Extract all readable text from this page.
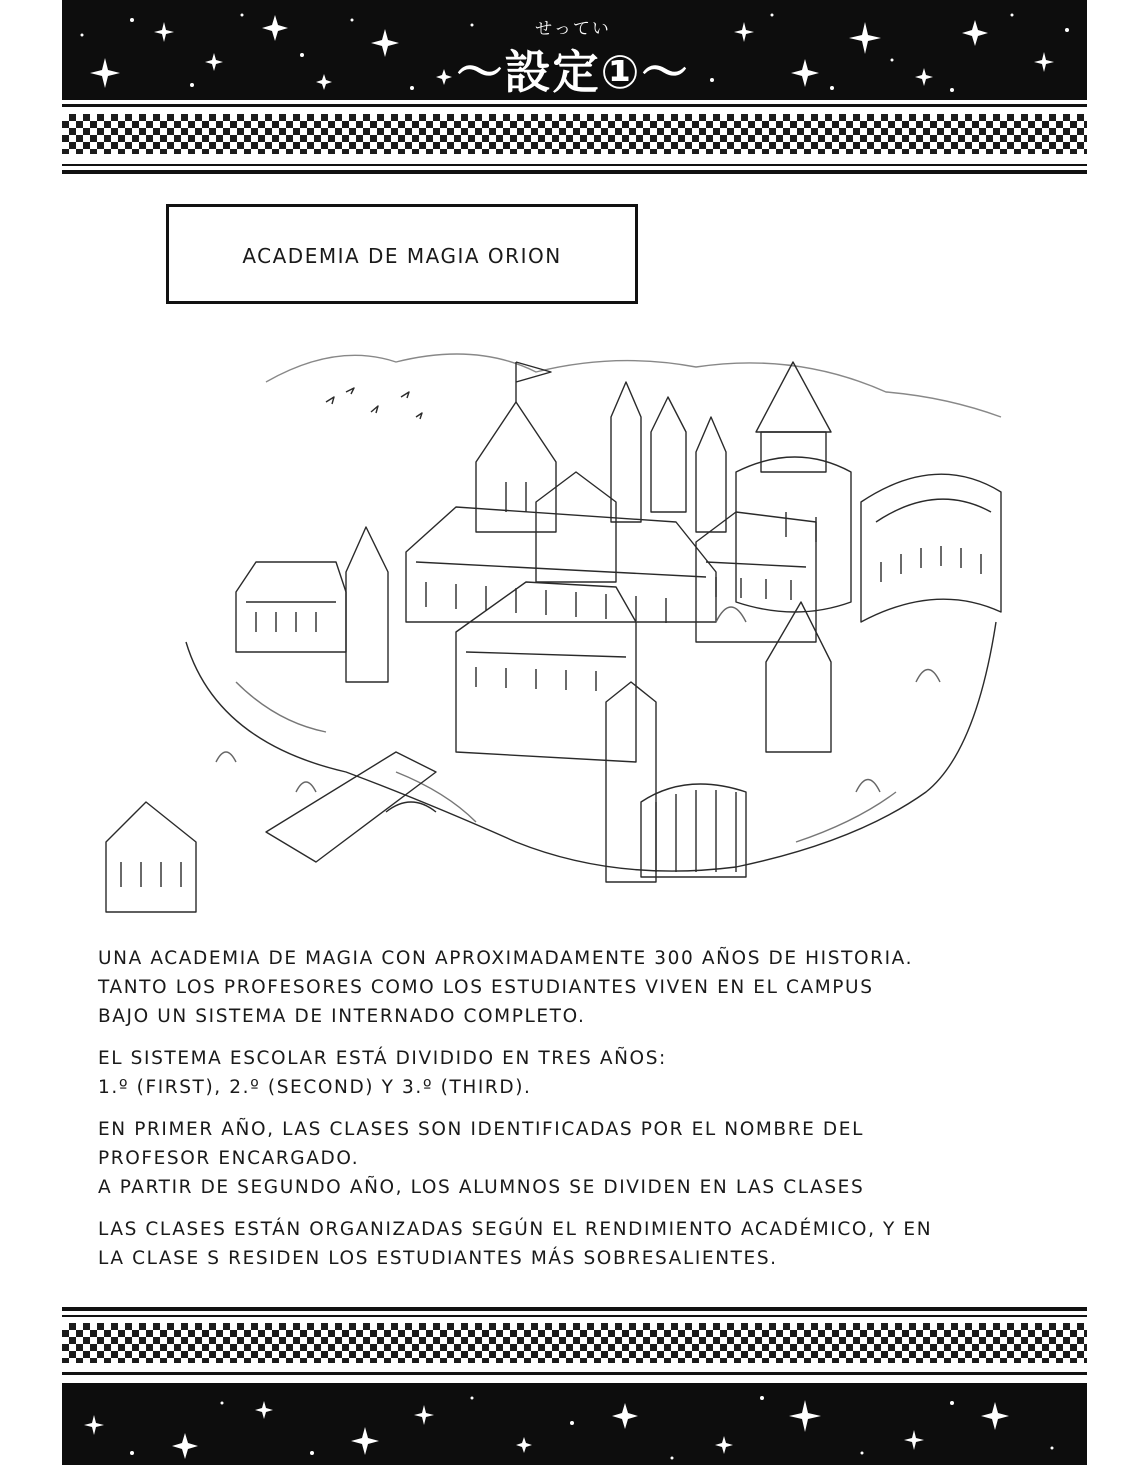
せってい
〜設定①〜
ACADEMIA DE MAGIA ORION

UNA ACADEMIA DE MAGIA CON APROXIMADAMENTE 300 AÑOS DE HISTORIA.

TANTO LOS PROFESORES COMO LOS ESTUDIANTES VIVEN EN EL CAMPUS

BAJO UN SISTEMA DE INTERNADO COMPLETO.

EL SISTEMA ESCOLAR ESTÁ DIVIDIDO EN TRES AÑOS:

1.º (FIRST), 2.º (SECOND) Y 3.º (THIRD).

EN PRIMER AÑO, LAS CLASES SON IDENTIFICADAS POR EL NOMBRE DEL

PROFESOR ENCARGADO.

A PARTIR DE SEGUNDO AÑO, LOS ALUMNOS SE DIVIDEN EN LAS CLASES

LAS CLASES ESTÁN ORGANIZADAS SEGÚN EL RENDIMIENTO ACADÉMICO, Y EN

LA CLASE S RESIDEN LOS ESTUDIANTES MÁS SOBRESALIENTES.
